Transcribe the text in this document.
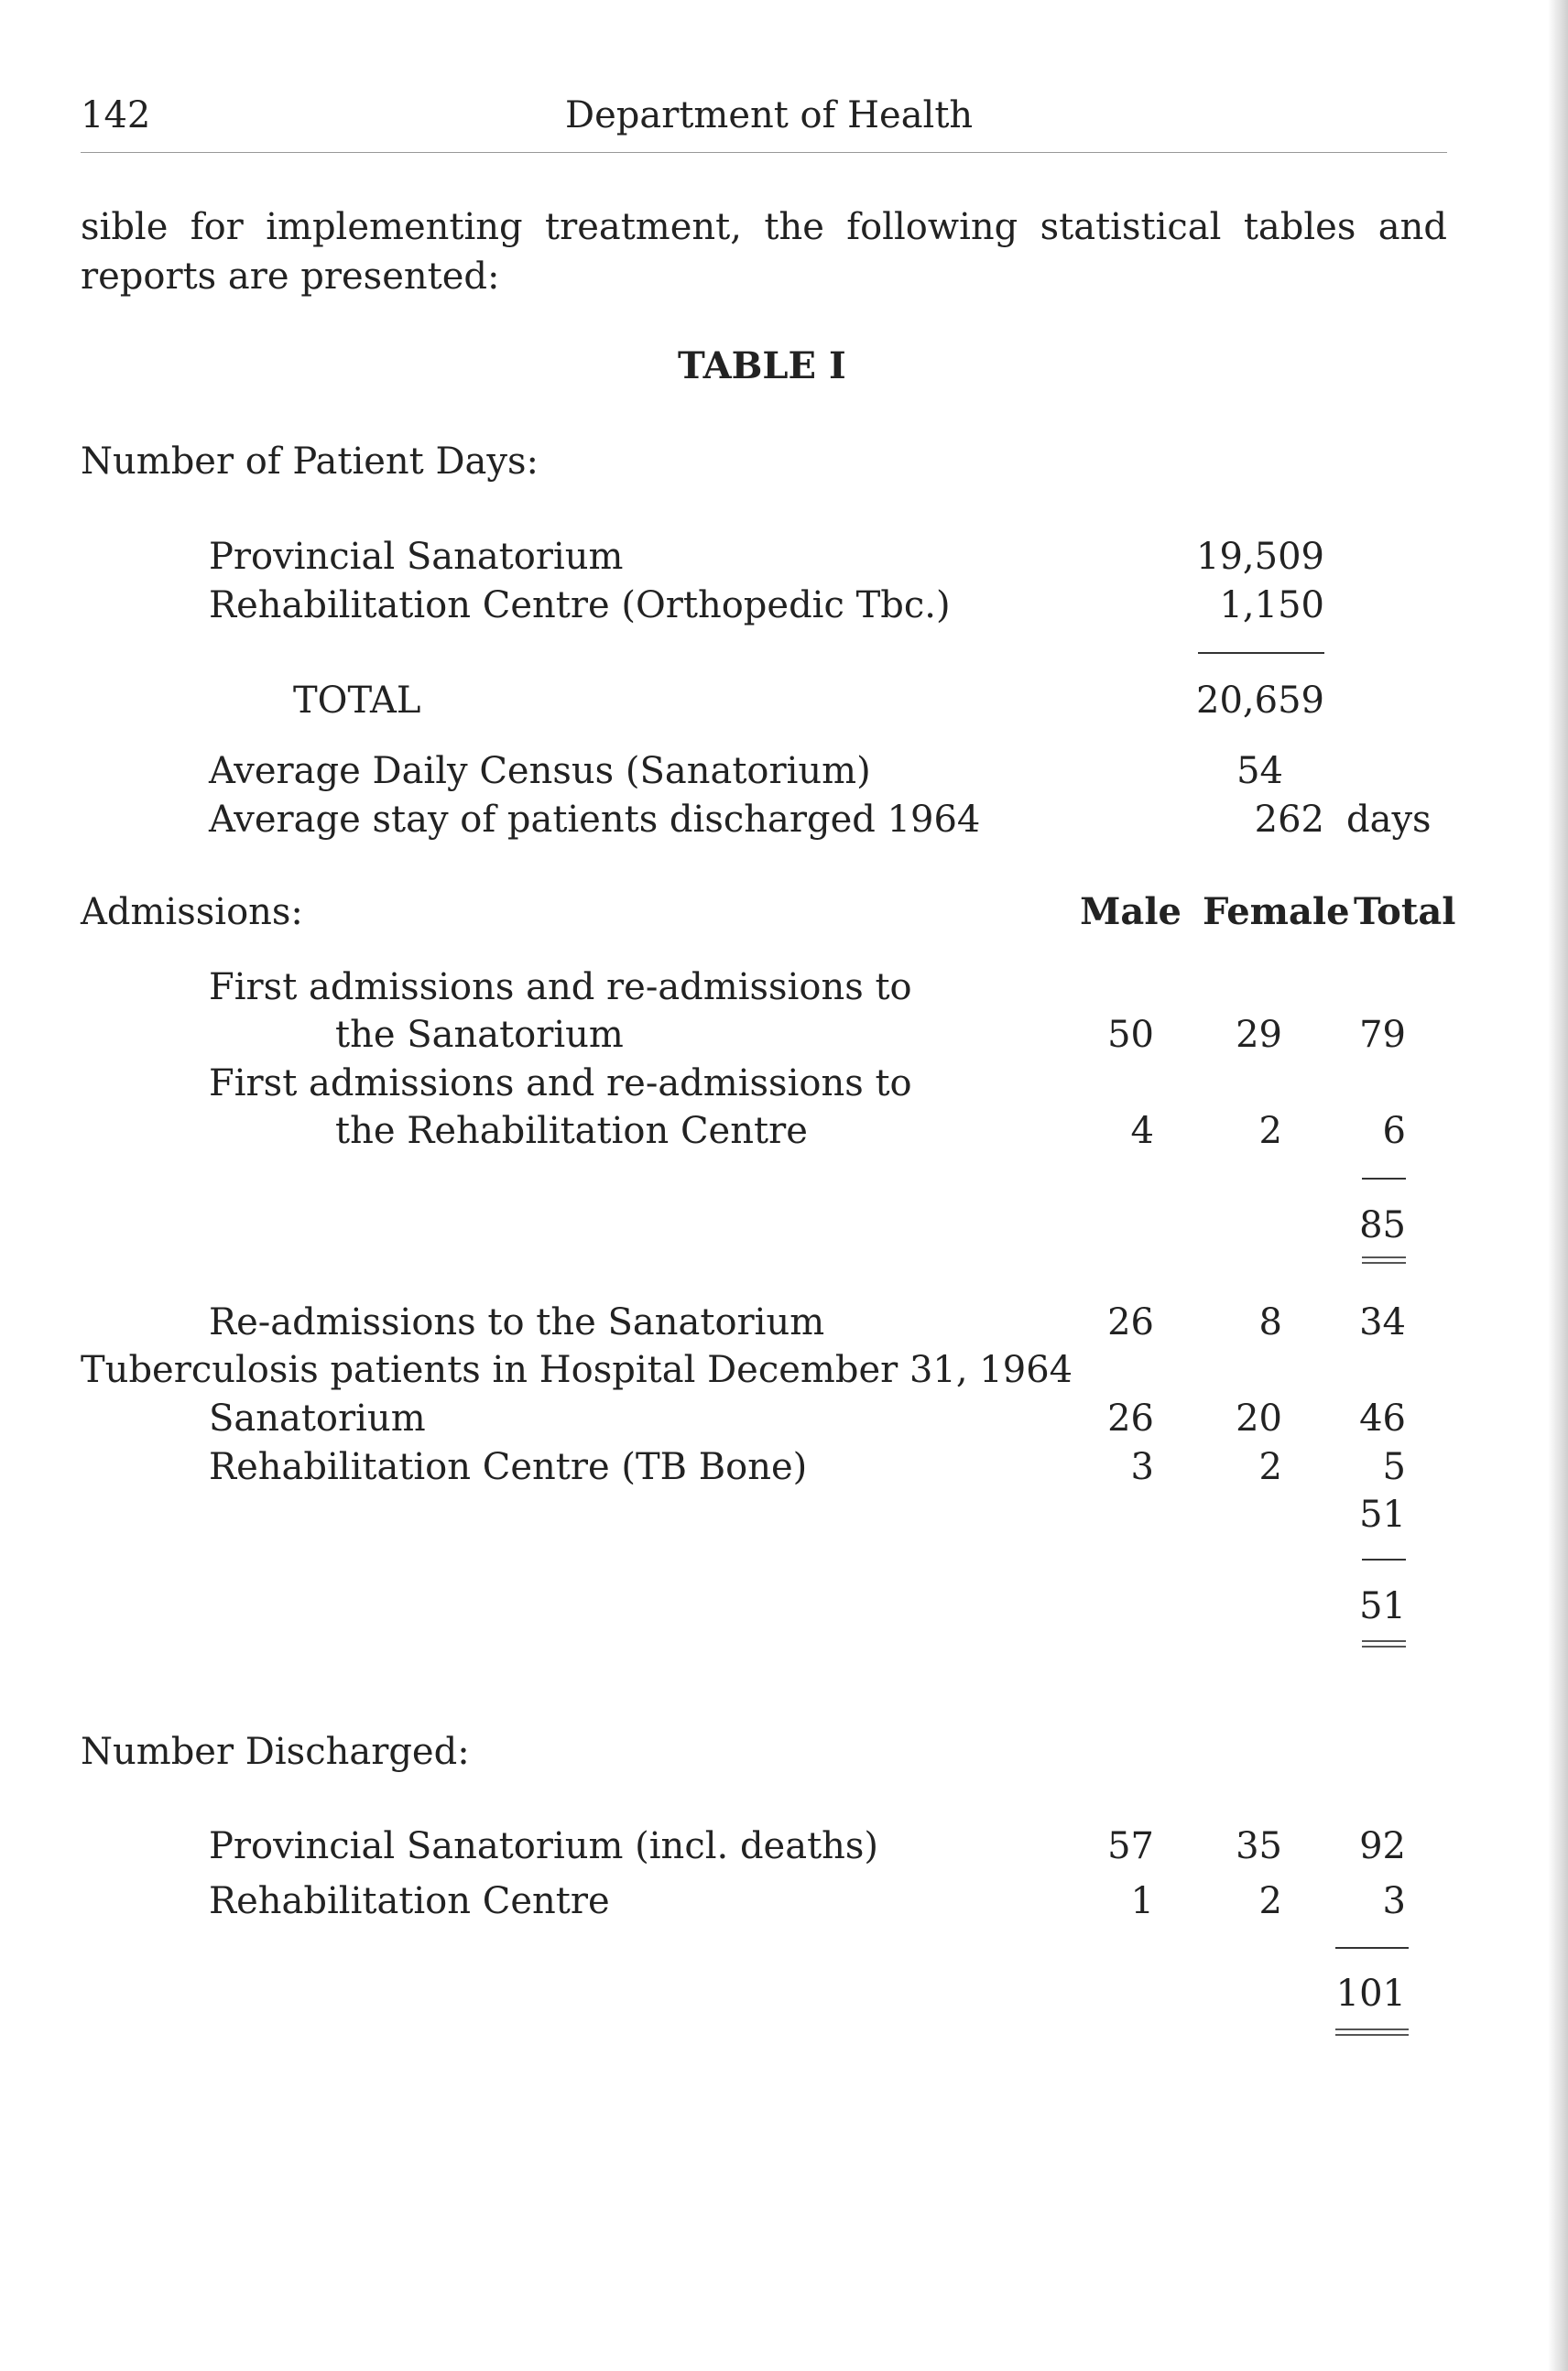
142	Department of Health
sible for implementing treatment, the following statistical tables and
reports are presented:
TABLE I
Number of Patient Days:
Provincial Sanatorium	19,509
Rehabilitation Centre (Orthopedic Tbc.)	1,150
TOTAL	20,659
Average Daily Census (Sanatorium)	54
Average stay of patients discharged 1964	262 days
Admissions:	Male Female Total
First admissions and re-admissions to
the Sanatorium	50	29	79
First admissions and re-admissions to
the Rehabilitation Centre	4	2	6
85
Re-admissions to the Sanatorium	26	8	34
Tuberculosis patients in Hospital December 31, 1964
Sanatorium	26	20	46
Rehabilitation Centre (TB Bone)	3	2	5
51
51
Number Discharged:
Provincial Sanatorium (incl. deaths)	57	35	92
Rehabilitation Centre	1	2	3
101
